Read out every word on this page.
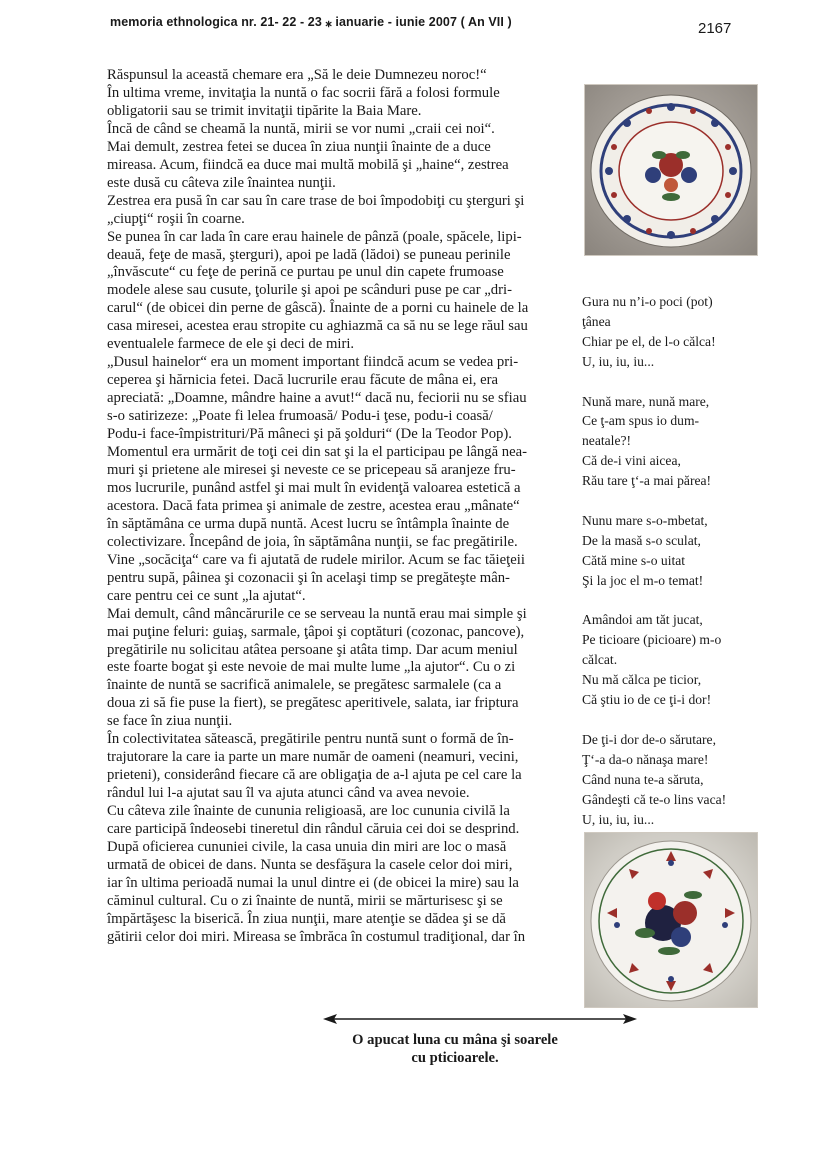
memoria ethnologica nr. 21- 22 - 23 ⁎ ianuarie - iunie 2007 ( An VII )	2167
Răspunsul la această chemare era „Să le deie Dumnezeu noroc!“
În ultima vreme, invitaţia la nuntă o fac socrii fără a folosi formule
obligatorii sau se trimit invitaţii tipărite la Baia Mare.
Încă de când se cheamă la nuntă, mirii se vor numi „craii cei noi“.
Mai demult, zestrea fetei se ducea în ziua nunţii înainte de a duce
mireasa. Acum, fiindcă ea duce mai multă mobilă şi „haine“, zestrea
este dusă cu câteva zile înaintea nunţii.
Zestrea era pusă în car sau în care trase de boi împodobiţi cu şterguri şi
„ciupţi“ roşii în coarne.
Se punea în car lada în care erau hainele de pânză (poale, spăcele, lipi-
deauă, feţe de masă, şterguri), apoi pe ladă (lădoi) se puneau perinile
„învăscute“ cu feţe de perină ce purtau pe unul din capete frumoase
modele alese sau cusute, ţolurile şi apoi pe scânduri puse pe car „dri-
carul“ (de obicei din perne de gâscă). Înainte de a porni cu hainele de la
casa miresei, acestea erau stropite cu aghiazmă ca să nu se lege răul sau
eventualele farmece de ele şi deci de miri.
„Dusul hainelor“ era un moment important fiindcă acum se vedea pri-
ceperea şi hărnicia fetei. Dacă lucrurile erau făcute de mâna ei, era
apreciată: „Doamne, mândre haine a avut!“ dacă nu, feciorii nu se sfiau
s-o satirizeze: „Poate fi lelea frumoasă/ Podu-i ţese, podu-i coasă/
Podu-i face-împistrituri/Pă mâneci şi pă şolduri“ (De la Teodor Pop).
Momentul era urmărit de toţi cei din sat şi la el participau pe lângă nea-
muri şi prietene ale miresei şi neveste ce se pricepeau să aranjeze fru-
mos lucrurile, punând astfel şi mai mult în evidenţă valoarea estetică a
acestora. Dacă fata primea şi animale de zestre, acestea erau „mânate“
în săptămâna ce urma după nuntă. Acest lucru se întâmpla înainte de
colectivizare. Începând de joia, în săptămâna nunţii, se fac pregătirile.
Vine „socăciţa“ care va fi ajutată de rudele mirilor. Acum se fac tăieţeii
pentru supă, pâinea şi cozonacii şi în acelaşi timp se pregăteşte mân-
care pentru cei ce sunt „la ajutat“.
Mai demult, când mâncărurile ce se serveau la nuntă erau mai simple şi
mai puţine feluri: guiaş, sarmale, ţâpoi şi coptături (cozonac, pancove),
pregătirile nu solicitau atâtea persoane şi atâta timp. Dar acum meniul
este foarte bogat şi este nevoie de mai multe lume „la ajutor“. Cu o zi
înainte de nuntă se sacrifică animalele, se pregătesc sarmalele (ca a
doua zi să fie puse la fiert), se pregătesc aperitivele, salata, iar friptura
se face în ziua nunţii.
În colectivitatea sătească, pregătirile pentru nuntă sunt o formă de în-
trajutorare la care ia parte un mare număr de oameni (neamuri, vecini,
prieteni), considerând fiecare că are obligaţia de a-l ajuta pe cel care la
rândul lui l-a ajutat sau îl va ajuta atunci când va avea nevoie.
Cu câteva zile înainte de cununia religioasă, are loc cununia civilă la
care participă îndeosebi tineretul din rândul căruia cei doi se desprind.
După oficierea cununiei civile, la casa unuia din miri are loc o masă
urmată de obicei de dans. Nunta se desfăşura la casele celor doi miri,
iar în ultima perioadă numai la unul dintre ei (de obicei la mire) sau la
căminul cultural. Cu o zi înainte de nuntă, mirii se mărturisesc şi se
împărtăşesc la biserică. În ziua nunţii, mare atenţie se dădea şi se dă
gătirii celor doi miri. Mireasa se îmbrăca în costumul tradiţional, dar în
Gura nu n’i-o poci (pot)
ţânea
Chiar pe el, de l-o călca!
U, iu, iu, iu...
Nună mare, nună mare,
Ce ţ-am spus io dum-
neatale?!
Că de-i vini aicea,
Rău tare ţ‘-a mai părea!
Nunu mare s-o-mbetat,
De la masă s-o sculat,
Cătă mine s-o uitat
Şi la joc el m-o temat!
Amândoi am tăt jucat,
Pe ticioare (picioare) m-o
călcat.
Nu mă călca pe ticior,
Că ştiu io de ce ţi-i dor!
De ţi-i dor de-o sărutare,
Ţ‘-a da-o nănaşa mare!
Când nuna te-a săruta,
Gândeşti că te-o lins vaca!
U, iu, iu, iu...
O apucat luna cu mâna şi soarele
cu pticioarele.
